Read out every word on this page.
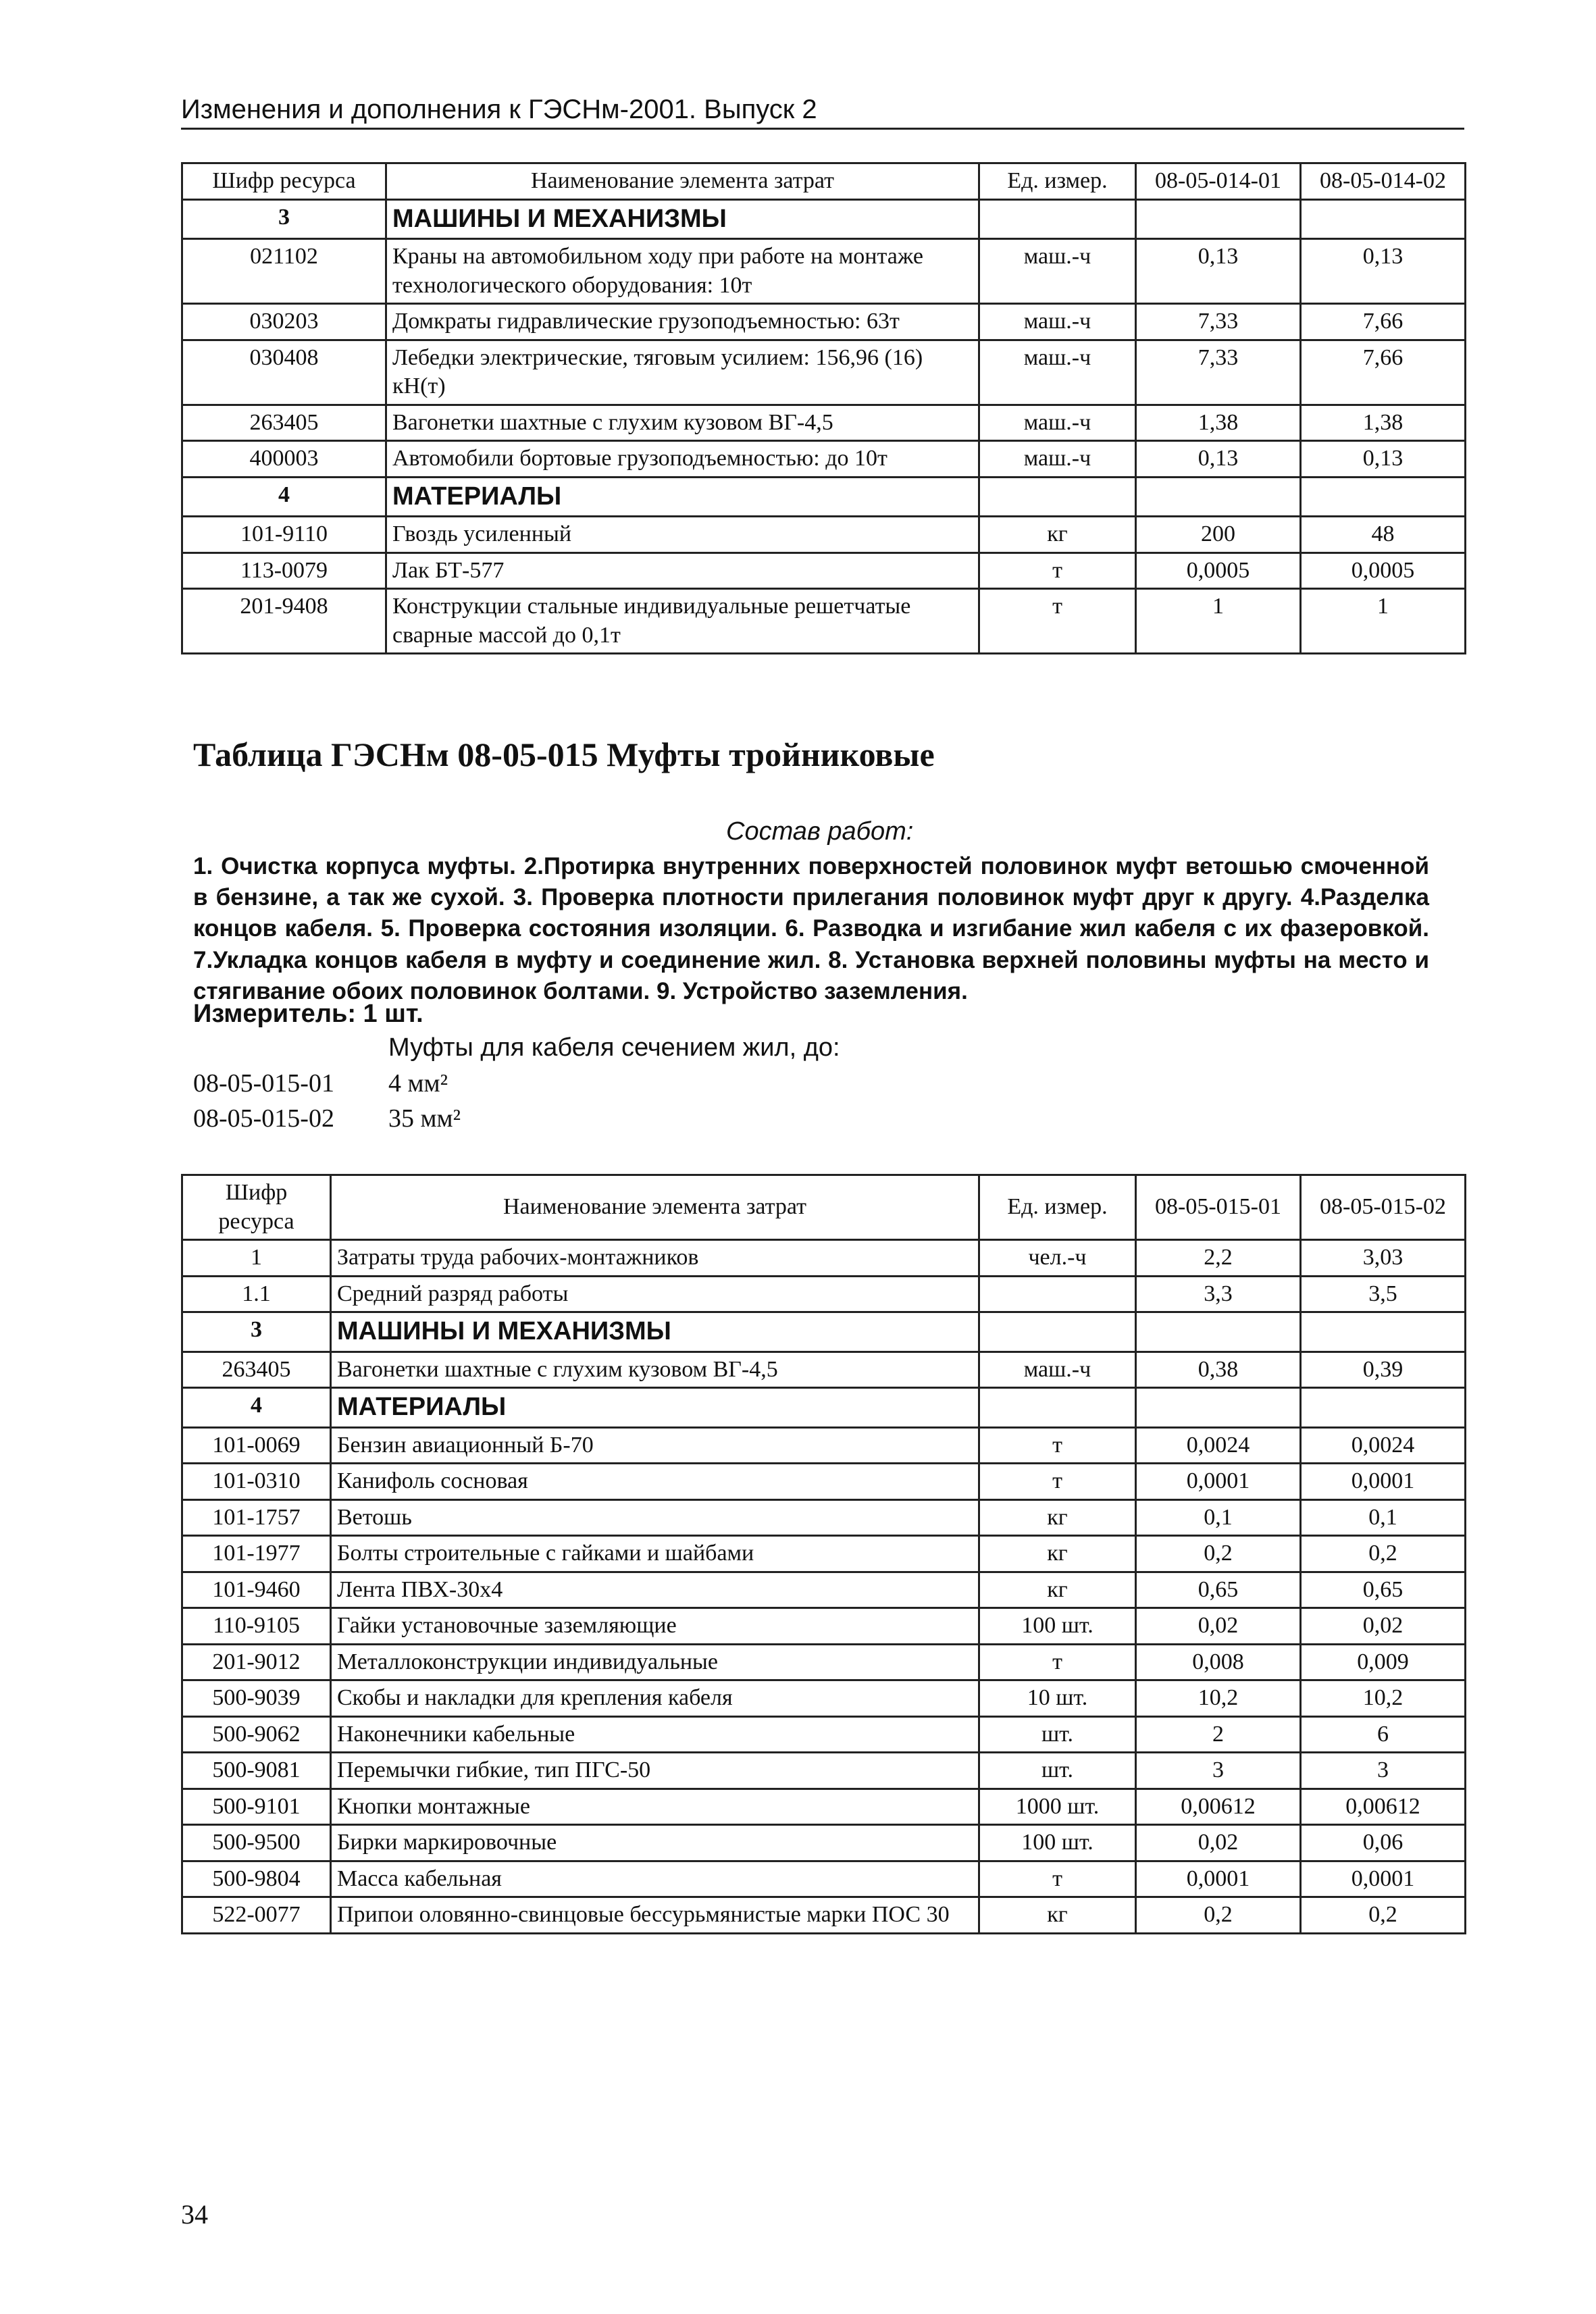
Изменения и дополнения к ГЭСНм-2001. Выпуск 2
Шифр ресурса	Наименование элемента затрат	Ед. измер.	08-05-014-01	08-05-014-02
3	МАШИНЫ И МЕХАНИЗМЫ			
021102	Краны на автомобильном ходу при работе на монтаже технологического оборудования: 10т	маш.-ч	0,13	0,13
030203	Домкраты гидравлические грузоподъемностью: 63т	маш.-ч	7,33	7,66
030408	Лебедки электрические, тяговым усилием: 156,96 (16) кН(т)	маш.-ч	7,33	7,66
263405	Вагонетки шахтные с глухим кузовом ВГ-4,5	маш.-ч	1,38	1,38
400003	Автомобили бортовые грузоподъемностью: до 10т	маш.-ч	0,13	0,13
4	МАТЕРИАЛЫ			
101-9110	Гвоздь усиленный	кг	200	48
113-0079	Лак БТ-577	т	0,0005	0,0005
201-9408	Конструкции стальные индивидуальные решетчатые сварные массой до 0,1т	т	1	1
Таблица ГЭСНм 08-05-015 Муфты тройниковые
Состав работ:
1. Очистка корпуса муфты. 2.Протирка внутренних поверхностей половинок муфт ветошью смоченной в бензине, а так же сухой. 3. Проверка плотности прилегания половинок муфт друг к другу. 4.Разделка концов кабеля. 5. Проверка состояния изоляции. 6. Разводка и изгибание жил кабеля с их фазеровкой. 7.Укладка концов кабеля в муфту и соединение жил. 8. Установка верхней половины муфты на место и стягивание обоих половинок болтами. 9. Устройство заземления.
Измеритель: 1 шт.
Муфты для кабеля сечением жил, до:
08-05-015-01 4 мм²
08-05-015-02 35 мм²
Шифр ресурса	Наименование элемента затрат	Ед. измер.	08-05-015-01	08-05-015-02
1	Затраты труда рабочих-монтажников	чел.-ч	2,2	3,03
1.1	Средний разряд работы		3,3	3,5
3	МАШИНЫ И МЕХАНИЗМЫ			
263405	Вагонетки шахтные с глухим кузовом ВГ-4,5	маш.-ч	0,38	0,39
4	МАТЕРИАЛЫ			
101-0069	Бензин авиационный Б-70	т	0,0024	0,0024
101-0310	Канифоль сосновая	т	0,0001	0,0001
101-1757	Ветошь	кг	0,1	0,1
101-1977	Болты строительные с гайками и шайбами	кг	0,2	0,2
101-9460	Лента ПВХ-30х4	кг	0,65	0,65
110-9105	Гайки установочные заземляющие	100 шт.	0,02	0,02
201-9012	Металлоконструкции индивидуальные	т	0,008	0,009
500-9039	Скобы и накладки для крепления кабеля	10 шт.	10,2	10,2
500-9062	Наконечники кабельные	шт.	2	6
500-9081	Перемычки гибкие, тип ПГС-50	шт.	3	3
500-9101	Кнопки монтажные	1000 шт.	0,00612	0,00612
500-9500	Бирки маркировочные	100 шт.	0,02	0,06
500-9804	Масса кабельная	т	0,0001	0,0001
522-0077	Припои оловянно-свинцовые бессурьмянистые марки ПОС 30	кг	0,2	0,2
34
